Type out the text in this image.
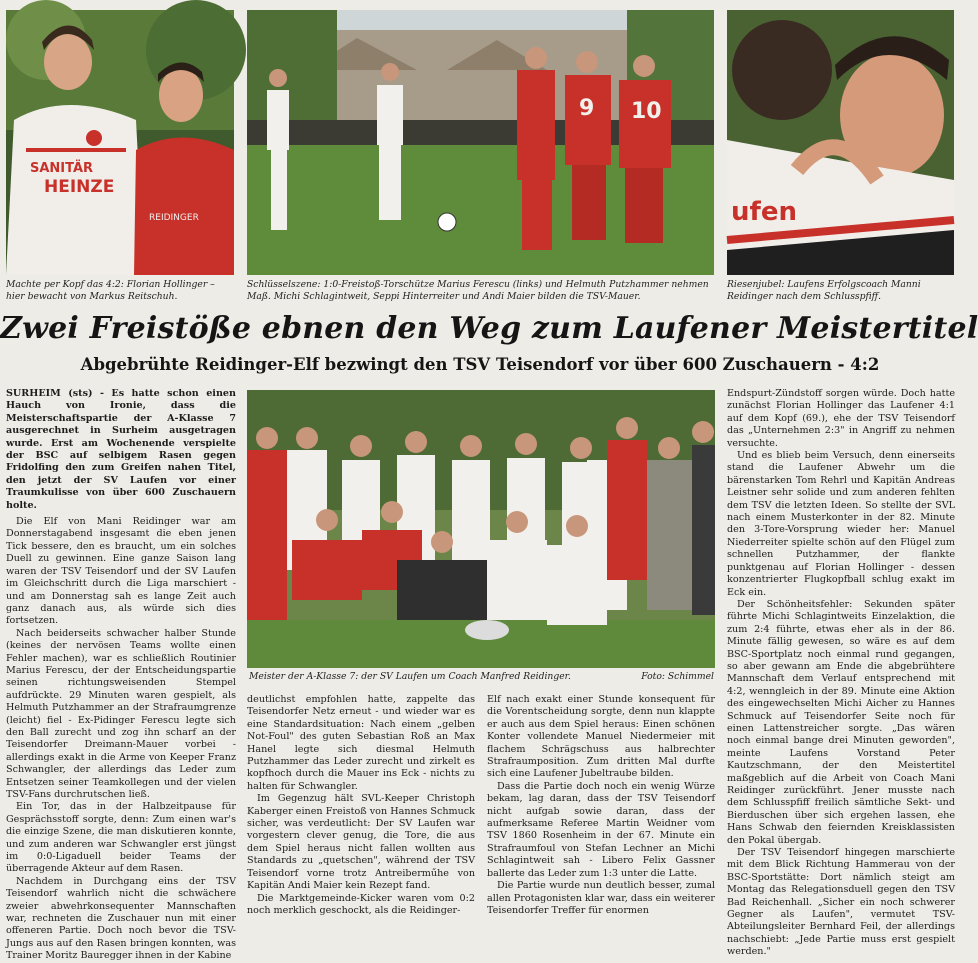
SANITÄR
HEINZE
REIDINGER
Machte per Kopf das 4:2: Florian Hollinger – hier bewacht von Markus Reitschuh.
9 10
Schlüsselszene: 1:0-Freistoß-Torschütze Marius Ferescu (links) und Helmuth Putzhammer nehmen Maß. Michi Schlagintweit, Seppi Hinterreiter und Andi Maier bilden die TSV-Mauer.
ufen
Riesenjubel: Laufens Erfolgscoach Manni Reidinger nach dem Schlusspfiff.
Zwei Freistöße ebnen den Weg zum Laufener Meistertitel
Abgebrühte Reidinger-Elf bezwingt den TSV Teisendorf vor über 600 Zuschauern - 4:2

SURHEIM (sts) - Es hatte schon einen Hauch von Ironie, dass die Meisterschaftspartie der A-Klasse 7 ausgerechnet in Surheim ausgetragen wurde. Erst am Wochenende verspielte der BSC auf selbigem Rasen gegen Fridolfing den zum Greifen nahen Titel, den jetzt der SV Laufen vor einer Traumkulisse von über 600 Zuschauern holte.

Die Elf von Mani Reidinger war am Donnerstagabend insgesamt die eben jenen Tick bessere, den es braucht, um ein solches Duell zu gewinnen. Eine ganze Saison lang waren der TSV Teisendorf und der SV Laufen im Gleichschritt durch die Liga marschiert - und am Donnerstag sah es lange Zeit auch ganz danach aus, als würde sich dies fortsetzen.

Nach beiderseits schwacher halber Stunde (keines der nervösen Teams wollte einen Fehler machen), war es schließlich Routinier Marius Ferescu, der der Entscheidungspartie seinen richtungsweisenden Stempel aufdrückte. 29 Minuten waren gespielt, als Helmuth Putzhammer an der Strafraumgrenze (leicht) fiel - Ex-Pidinger Ferescu legte sich den Ball zurecht und zog ihn scharf an der Teisendorfer Dreimann-Mauer vorbei - allerdings exakt in die Arme von Keeper Franz Schwangler, der allerdings das Leder zum Entsetzen seiner Teamkollegen und der vielen TSV-Fans durchrutschen ließ.

Ein Tor, das in der Halbzeitpause für Gesprächsstoff sorgte, denn: Zum einen war's die einzige Szene, die man diskutieren konnte, und zum anderen war Schwangler erst jüngst im 0:0-Ligaduell beider Teams der überragende Akteur auf dem Rasen.

Nachdem in Durchgang eins der TSV Teisendorf wahrlich nicht die schwächere zweier abwehrkonsequenter Mannschaften war, rechneten die Zuschauer nun mit einer offeneren Partie. Doch noch bevor die TSV-Jungs aus auf den Rasen bringen konnten, was Trainer Moritz Bauregger ihnen in der Kabine

Meister der A-Klasse 7: der SV Laufen um Coach Manfred Reidinger.	Foto: Schimmel

deutlichst empfohlen hatte, zappelte das Teisendorfer Netz erneut - und wieder war es eine Standardsituation: Nach einem „gelben Not-Foul" des guten Sebastian Roß an Max Hanel legte sich diesmal Helmuth Putzhammer das Leder zurecht und zirkelt es kopfhoch durch die Mauer ins Eck - nichts zu halten für Schwangler.

Im Gegenzug hält SVL-Keeper Christoph Kaberger einen Freistoß von Hannes Schmuck sicher, was verdeutlicht: Der SV Laufen war vorgestern clever genug, die Tore, die aus dem Spiel heraus nicht fallen wollten aus Standards zu „quetschen", während der TSV Teisendorf vorne trotz Antreiberműhe von Kapitän Andi Maier kein Rezept fand.

Die Marktgemeinde-Kicker waren vom 0:2 noch merklich geschockt, als die Reidinger-

Elf nach exakt einer Stunde konsequent für die Vorentscheidung sorgte, denn nun klappte er auch aus dem Spiel heraus: Einen schönen Konter vollendete Manuel Niedermeier mit flachem Schrägschuss aus halbrechter Strafraumposition. Zum dritten Mal durfte sich eine Laufener Jubeltraube bilden.

Dass die Partie doch noch ein wenig Würze bekam, lag daran, dass der TSV Teisendorf nicht aufgab sowie daran, dass der aufmerksame Referee Martin Weidner vom TSV 1860 Rosenheim in der 67. Minute ein Strafraumfoul von Stefan Lechner an Michi Schlagintweit sah - Libero Felix Gassner ballerte das Leder zum 1:3 unter die Latte.

Die Partie wurde nun deutlich besser, zumal allen Protagonisten klar war, dass ein weiterer Teisendorfer Treffer für enormen

Endspurt-Zündstoff sorgen würde. Doch hatte zunächst Florian Hollinger das Laufener 4:1 auf dem Kopf (69.), ehe der TSV Teisendorf das „Unternehmen 2:3" in Angriff zu nehmen versuchte.

Und es blieb beim Versuch, denn einerseits stand die Laufener Abwehr um die bärenstarken Tom Rehrl und Kapitän Andreas Leistner sehr solide und zum anderen fehlten dem TSV die letzten Ideen. So stellte der SVL nach einem Musterkonter in der 82. Minute den 3-Tore-Vorsprung wieder her: Manuel Niederreiter spielte schön auf den Flügel zum schnellen Putzhammer, der flankte punktgenau auf Florian Hollinger - dessen konzentrierter Flugkopfball schlug exakt im Eck ein.

Der Schönheitsfehler: Sekunden später führte Michi Schlagintweits Einzelaktion, die zum 2:4 führte, etwas eher als in der 86. Minute fällig gewesen, so wäre es auf dem BSC-Sportplatz noch einmal rund gegangen, so aber gewann am Ende die abgebrühtere Mannschaft dem Verlauf entsprechend mit 4:2, wenngleich in der 89. Minute eine Aktion des eingewechselten Michi Aicher zu Hannes Schmuck auf Teisendorfer Seite noch für einen Lattenstreicher sorgte. „Das wären noch einmal bange drei Minuten geworden", meinte Laufens Vorstand Peter Kautzschmann, der den Meistertitel maßgeblich auf die Arbeit von Coach Mani Reidinger zurückführt. Jener musste nach dem Schlusspfiff freilich sämtliche Sekt- und Bierduschen über sich ergehen lassen, ehe Hans Schwab den feiernden Kreisklassisten den Pokal übergab.

Der TSV Teisendorf hingegen marschierte mit dem Blick Richtung Hammerau von der BSC-Sportstätte: Dort nämlich steigt am Montag das Relegationsduell gegen den TSV Bad Reichenhall. „Sicher ein noch schwerer Gegner als Laufen", vermutet TSV-Abteilungsleiter Bernhard Feil, der allerdings nachschiebt: „Jede Partie muss erst gespielt werden."
